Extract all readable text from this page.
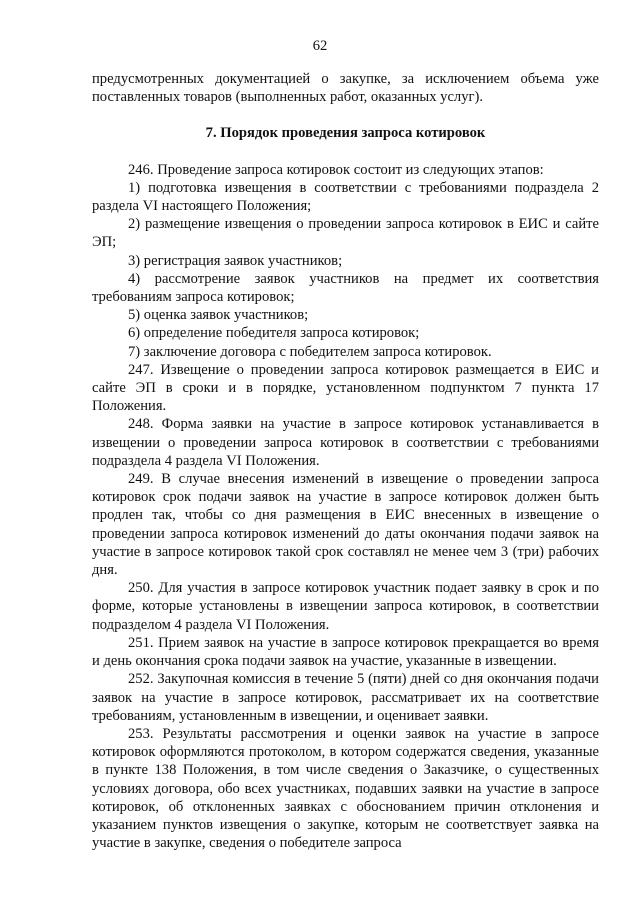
62

предусмотренных документацией о закупке, за исключением объема уже поставленных товаров (выполненных работ, оказанных услуг).

7. Порядок проведения запроса котировок

246. Проведение запроса котировок состоит из следующих этапов:

1) подготовка извещения в соответствии с требованиями подраздела 2 раздела VI настоящего Положения;

2) размещение извещения о проведении запроса котировок в ЕИС и сайте ЭП;

3) регистрация заявок участников;

4) рассмотрение заявок участников на предмет их соответствия требованиям запроса котировок;

5) оценка заявок участников;

6) определение победителя запроса котировок;

7) заключение договора с победителем запроса котировок.

247. Извещение о проведении запроса котировок размещается в ЕИС и сайте ЭП в сроки и в порядке, установленном подпунктом 7 пункта 17 Положения.

248. Форма заявки на участие в запросе котировок устанавливается в извещении о проведении запроса котировок в соответствии с требованиями подраздела 4 раздела VI Положения.

249. В случае внесения изменений в извещение о проведении запроса котировок срок подачи заявок на участие в запросе котировок должен быть продлен так, чтобы со дня размещения в ЕИС внесенных в извещение о проведении запроса котировок изменений до даты окончания подачи заявок на участие в запросе котировок такой срок составлял не менее чем 3 (три) рабочих дня.

250. Для участия в запросе котировок участник подает заявку в срок и по форме, которые установлены в извещении запроса котировок, в соответствии подразделом 4 раздела VI Положения.

251. Прием заявок на участие в запросе котировок прекращается во время и день окончания срока подачи заявок на участие, указанные в извещении.

252. Закупочная комиссия в течение 5 (пяти) дней со дня окончания подачи заявок на участие в запросе котировок, рассматривает их на соответствие требованиям, установленным в извещении, и оценивает заявки.

253. Результаты рассмотрения и оценки заявок на участие в запросе котировок оформляются протоколом, в котором содержатся сведения, указанные в пункте 138 Положения, в том числе сведения о Заказчике, о существенных условиях договора, обо всех участниках, подавших заявки на участие в запросе котировок, об отклоненных заявках с обоснованием причин отклонения и указанием пунктов извещения о закупке, которым не соответствует заявка на участие в закупке, сведения о победителе запроса
